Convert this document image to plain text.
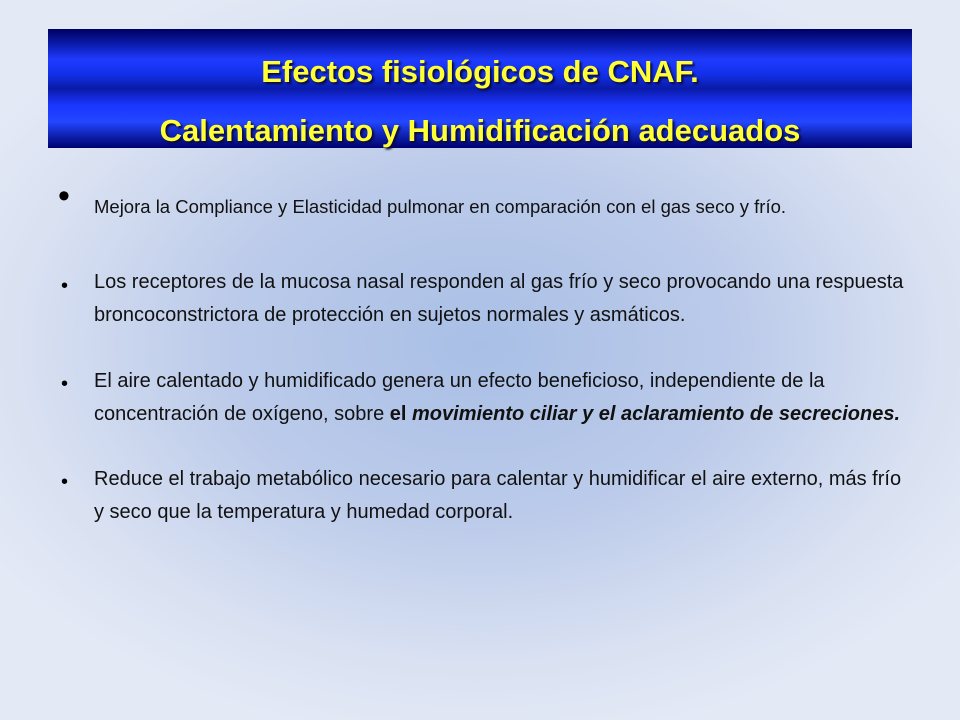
Efectos fisiológicos de CNAF.
Calentamiento y Humidificación adecuados
• Mejora la Compliance y Elasticidad pulmonar en comparación con el gas seco y frío.
• Los receptores de la mucosa nasal responden al gas frío y seco provocando una respuesta broncoconstrictora de protección en sujetos normales y asmáticos.
• El aire calentado y humidificado genera un efecto beneficioso, independiente de la concentración de oxígeno, sobre el movimiento ciliar y el aclaramiento de secreciones.
• Reduce el trabajo metabólico necesario para calentar y humidificar el aire externo, más frío y seco que la temperatura y humedad corporal.
